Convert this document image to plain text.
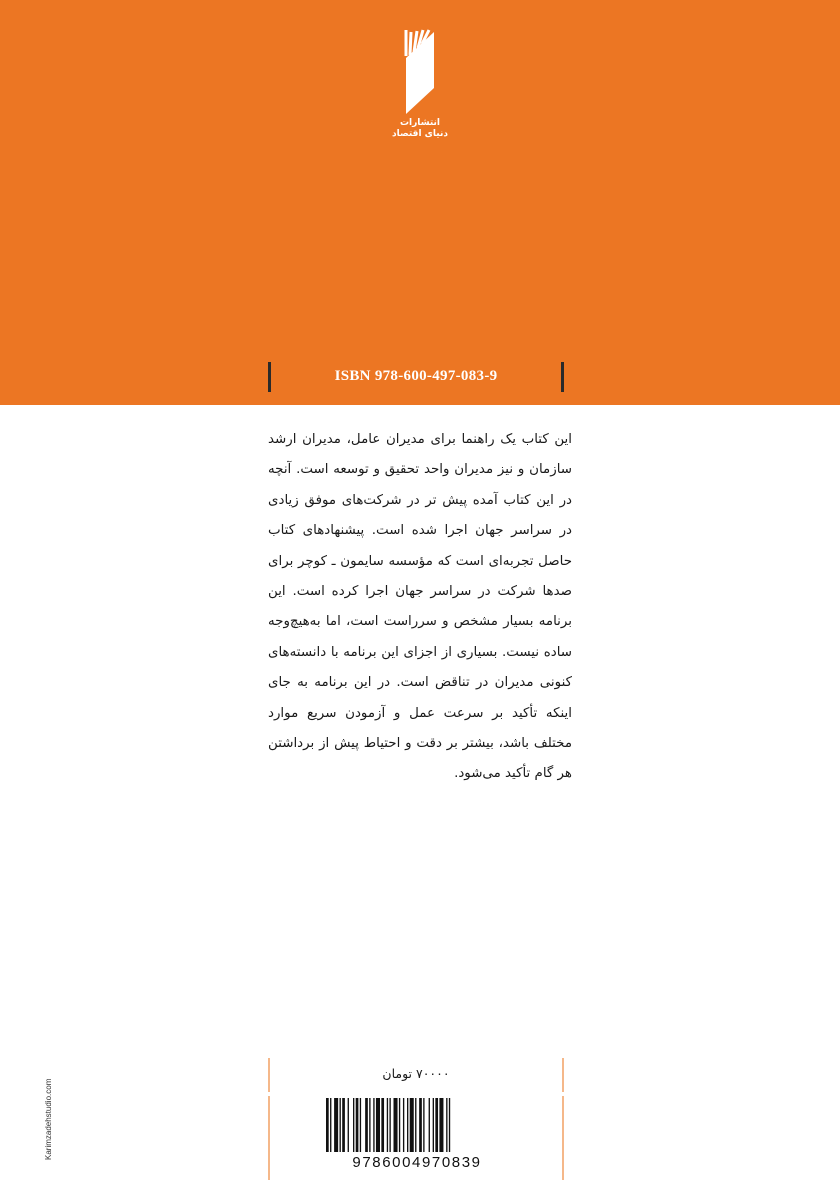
انتشارات
دنیای اقتصاد
ISBN 978-600-497-083-9

این کتاب یک راهنما برای مدیران عامل، مدیران ارشد سازمان و نیز مدیران واحد تحقیق و توسعه است. آنچه در این کتاب آمده پیش تر در شرکت‌های موفق زیادی در سراسر جهان اجرا شده است. پیشنهادهای کتاب حاصل تجربه‌ای است که مؤسسه سایمون ـ کوچر برای صدها شرکت در سراسر جهان اجرا کرده است. این برنامه بسیار مشخص و سرراست است، اما به‌هیچ‌وجه ساده نیست. بسیاری از اجزای این برنامه با دانسته‌های کنونی مدیران در تناقض است. در این برنامه به جای اینکه تأکید بر سرعت عمل و آزمودن سریع موارد مختلف باشد، بیشتر بر دقت و احتیاط پیش از برداشتن هر گام تأکید می‌شود.

۷۰۰۰۰ تومان
9786004970839
Karimzadehstudio.com
